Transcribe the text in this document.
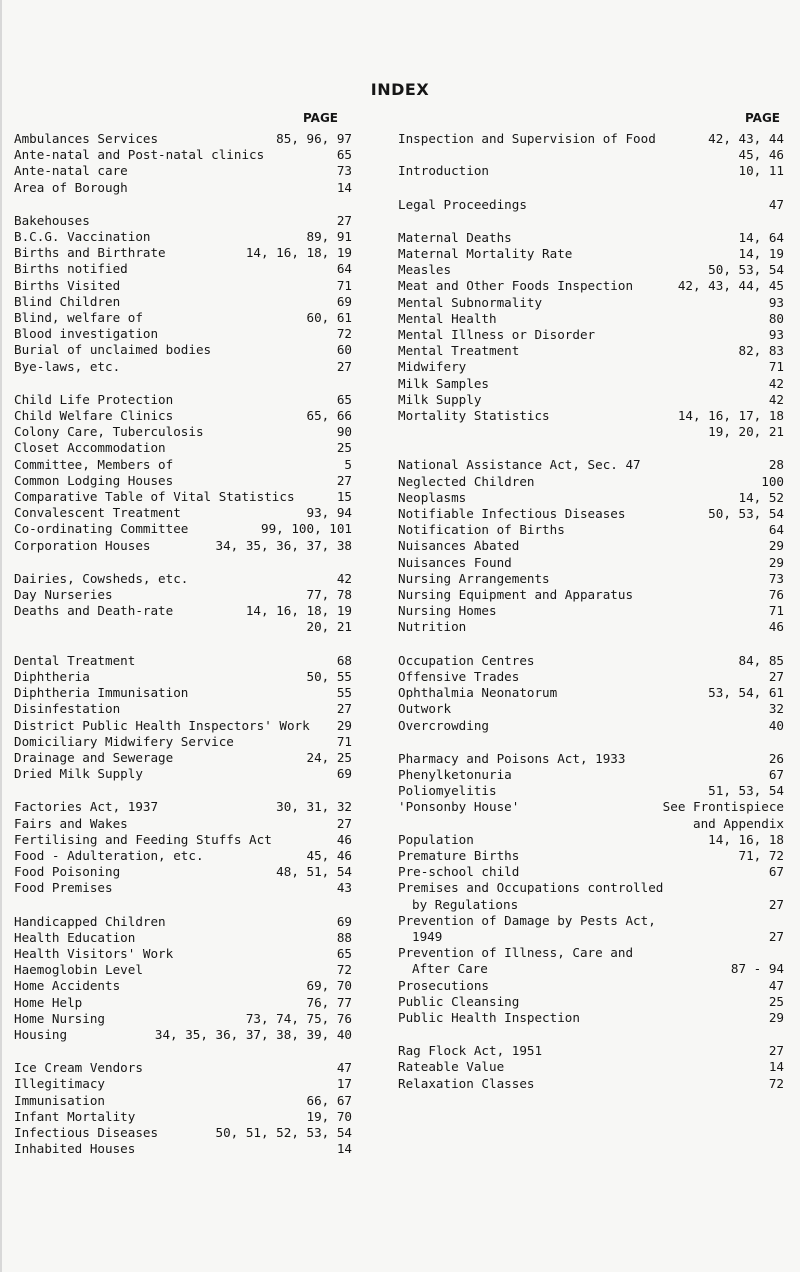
INDEX
PAGE
Ambulances Services	85, 96, 97
Ante-natal and Post-natal clinics	65
Ante-natal care	73
Area of Borough	14
Bakehouses	27
B.C.G. Vaccination	89, 91
Births and Birthrate	14, 16, 18, 19
Births notified	64
Births Visited	71
Blind Children	69
Blind, welfare of	60, 61
Blood investigation	72
Burial of unclaimed bodies	60
Bye-laws, etc.	27
Child Life Protection	65
Child Welfare Clinics	65, 66
Colony Care, Tuberculosis	90
Closet Accommodation	25
Committee, Members of	5
Common Lodging Houses	27
Comparative Table of Vital Statistics	15
Convalescent Treatment	93, 94
Co-ordinating Committee	99, 100, 101
Corporation Houses	34, 35, 36, 37, 38
Dairies, Cowsheds, etc.	42
Day Nurseries	77, 78
Deaths and Death-rate	14, 16, 18, 19
20, 21
Dental Treatment	68
Diphtheria	50, 55
Diphtheria Immunisation	55
Disinfestation	27
District Public Health Inspectors' Work	29
Domiciliary Midwifery Service	71
Drainage and Sewerage	24, 25
Dried Milk Supply	69
Factories Act, 1937	30, 31, 32
Fairs and Wakes	27
Fertilising and Feeding Stuffs Act	46
Food - Adulteration, etc.	45, 46
Food Poisoning	48, 51, 54
Food Premises	43
Handicapped Children	69
Health Education	88
Health Visitors' Work	65
Haemoglobin Level	72
Home Accidents	69, 70
Home Help	76, 77
Home Nursing	73, 74, 75, 76
Housing	34, 35, 36, 37, 38, 39, 40
Ice Cream Vendors	47
Illegitimacy	17
Immunisation	66, 67
Infant Mortality	19, 70
Infectious Diseases	50, 51, 52, 53, 54
Inhabited Houses	14
PAGE
Inspection and Supervision of Food	42, 43, 44
45, 46
Introduction	10, 11
Legal Proceedings	47
Maternal Deaths	14, 64
Maternal Mortality Rate	14, 19
Measles	50, 53, 54
Meat and Other Foods Inspection	42, 43, 44, 45
Mental Subnormality	93
Mental Health	80
Mental Illness or Disorder	93
Mental Treatment	82, 83
Midwifery	71
Milk Samples	42
Milk Supply	42
Mortality Statistics	14, 16, 17, 18
19, 20, 21
National Assistance Act, Sec. 47	28
Neglected Children	100
Neoplasms	14, 52
Notifiable Infectious Diseases	50, 53, 54
Notification of Births	64
Nuisances Abated	29
Nuisances Found	29
Nursing Arrangements	73
Nursing Equipment and Apparatus	76
Nursing Homes	71
Nutrition	46
Occupation Centres	84, 85
Offensive Trades	27
Ophthalmia Neonatorum	53, 54, 61
Outwork	32
Overcrowding	40
Pharmacy and Poisons Act, 1933	26
Phenylketonuria	67
Poliomyelitis	51, 53, 54
'Ponsonby House'	See Frontispiece
and Appendix
Population	14, 16, 18
Premature Births	71, 72
Pre-school child	67
Premises and Occupations controlled
by Regulations	27
Prevention of Damage by Pests Act,
1949	27
Prevention of Illness, Care and
After Care	87 - 94
Prosecutions	47
Public Cleansing	25
Public Health Inspection	29
Rag Flock Act, 1951	27
Rateable Value	14
Relaxation Classes	72
